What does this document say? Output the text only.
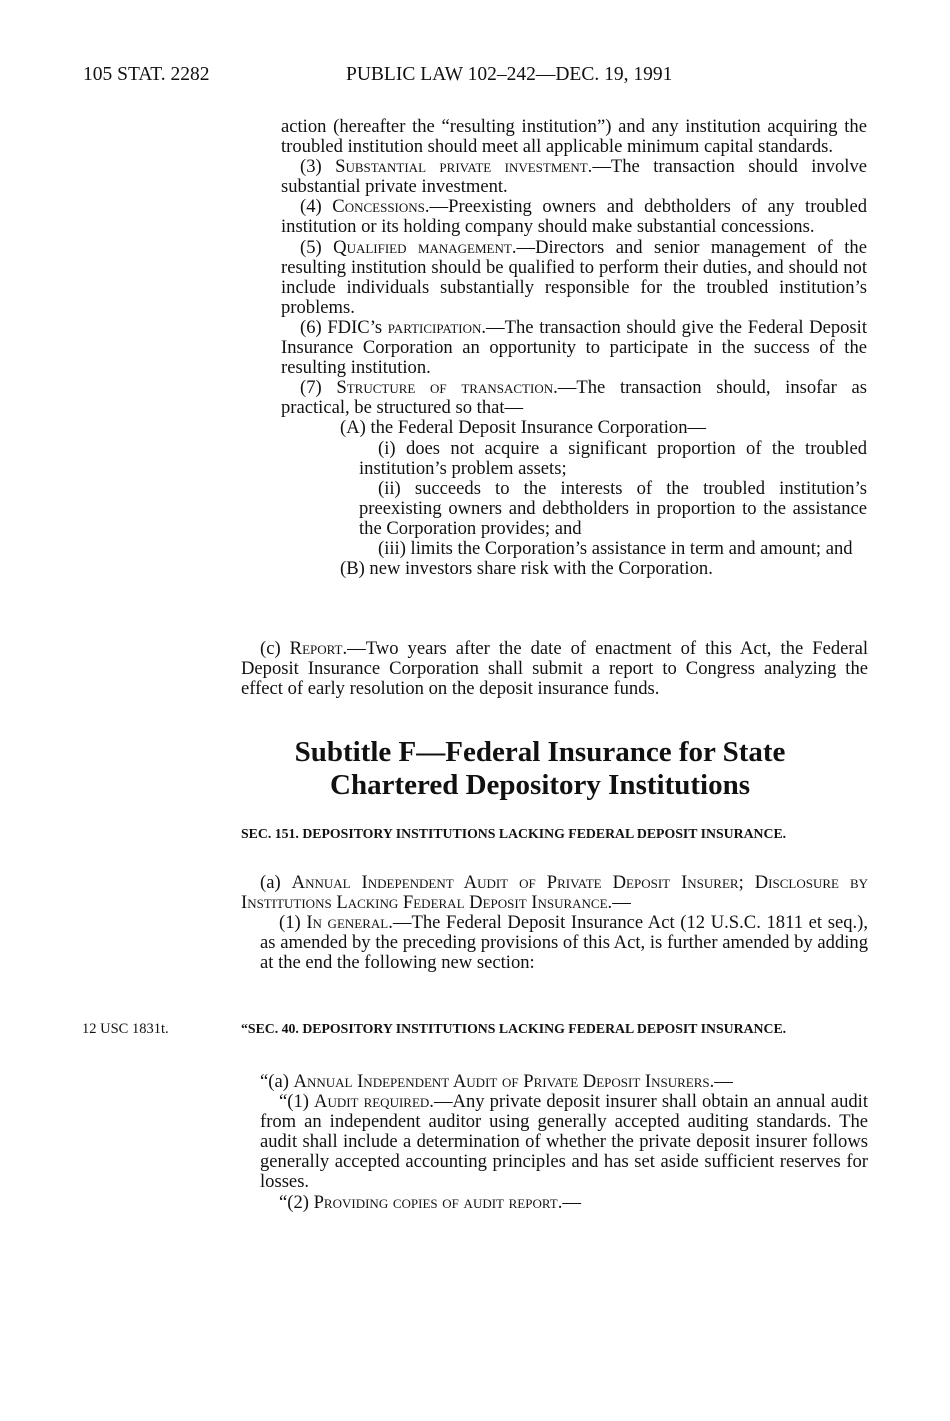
105 STAT. 2282	PUBLIC LAW 102–242—DEC. 19, 1991

action (hereafter the “resulting institution”) and any institution acquiring the troubled institution should meet all applicable minimum capital standards.

(3) Substantial private investment.—The transaction should involve substantial private investment.

(4) Concessions.—Preexisting owners and debtholders of any troubled institution or its holding company should make substantial concessions.

(5) Qualified management.—Directors and senior management of the resulting institution should be qualified to perform their duties, and should not include individuals substantially responsible for the troubled institution’s problems.

(6) FDIC’s participation.—The transaction should give the Federal Deposit Insurance Corporation an opportunity to participate in the success of the resulting institution.

(7) Structure of transaction.—The transaction should, insofar as practical, be structured so that—

(A) the Federal Deposit Insurance Corporation—

(i) does not acquire a significant proportion of the troubled institution’s problem assets;

(ii) succeeds to the interests of the troubled institution’s preexisting owners and debtholders in proportion to the assistance the Corporation provides; and

(iii) limits the Corporation’s assistance in term and amount; and

(B) new investors share risk with the Corporation.

(c) Report.—Two years after the date of enactment of this Act, the Federal Deposit Insurance Corporation shall submit a report to Congress analyzing the effect of early resolution on the deposit insurance funds.

Subtitle F—Federal Insurance for State
Chartered Depository Institutions
SEC. 151. DEPOSITORY INSTITUTIONS LACKING FEDERAL DEPOSIT INSURANCE.

(a) Annual Independent Audit of Private Deposit Insurer; Disclosure by Institutions Lacking Federal Deposit Insurance.—

(1) In general.—The Federal Deposit Insurance Act (12 U.S.C. 1811 et seq.), as amended by the preceding provisions of this Act, is further amended by adding at the end the following new section:

12 USC 1831t.	“SEC. 40. DEPOSITORY INSTITUTIONS LACKING FEDERAL DEPOSIT INSURANCE.

“(a) Annual Independent Audit of Private Deposit Insurers.—

“(1) Audit required.—Any private deposit insurer shall obtain an annual audit from an independent auditor using generally accepted auditing standards. The audit shall include a determination of whether the private deposit insurer follows generally accepted accounting principles and has set aside sufficient reserves for losses.

“(2) Providing copies of audit report.—
